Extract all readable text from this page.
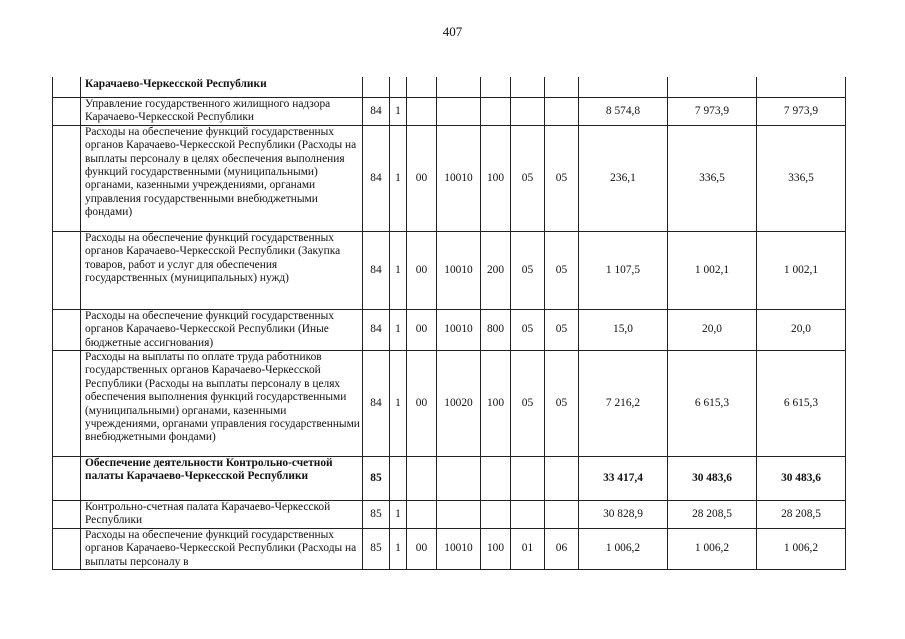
407
	Карачаево-Черкесской Республики										
	Управление государственного жилищного надзора Карачаево-Черкесской Республики	84	1						8 574,8	7 973,9	7 973,9
	Расходы на обеспечение функций государственных органов Карачаево-Черкесской Республики (Расходы на выплаты персоналу в целях обеспечения выполнения функций государственными (муниципальными) органами, казенными учреждениями, органами управления государственными внебюджетными фондами)	84	1	00	10010	100	05	05	236,1	336,5	336,5
	Расходы на обеспечение функций государственных органов Карачаево-Черкесской Республики (Закупка товаров, работ и услуг для обеспечения государственных (муниципальных) нужд)	84	1	00	10010	200	05	05	1 107,5	1 002,1	1 002,1
	Расходы на обеспечение функций государственных органов Карачаево-Черкесской Республики (Иные бюджетные ассигнования)	84	1	00	10010	800	05	05	15,0	20,0	20,0
	Расходы на выплаты по оплате труда работников государственных органов Карачаево-Черкесской Республики (Расходы на выплаты персоналу в целях обеспечения выполнения функций государственными (муниципальными) органами, казенными учреждениями, органами управления государственными внебюджетными фондами)	84	1	00	10020	100	05	05	7 216,2	6 615,3	6 615,3
	Обеспечение деятельности Контрольно-счетной палаты Карачаево-Черкесской Республики	85							33 417,4	30 483,6	30 483,6
	Контрольно-счетная палата Карачаево-Черкесской Республики	85	1						30 828,9	28 208,5	28 208,5
	Расходы на обеспечение функций государственных органов Карачаево-Черкесской Республики (Расходы на выплаты персоналу в	85	1	00	10010	100	01	06	1 006,2	1 006,2	1 006,2
